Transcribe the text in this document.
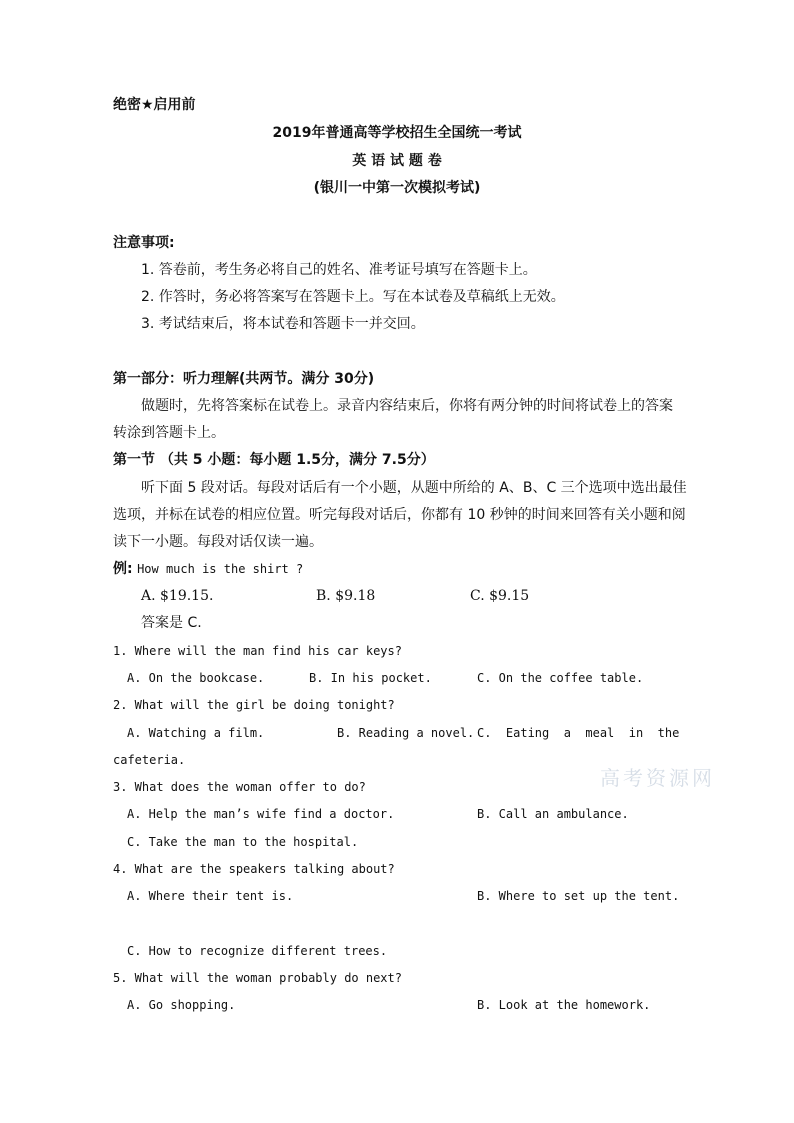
绝密★启用前
2019年普通高等学校招生全国统一考试
英 语 试 题 卷
(银川一中第一次模拟考试)
注意事项:
1. 答卷前，考生务必将自己的姓名、准考证号填写在答题卡上。
2. 作答时，务必将答案写在答题卡上。写在本试卷及草稿纸上无效。
3. 考试结束后，将本试卷和答题卡一并交回。
第一部分：听力理解(共两节。满分 30分)
做题时，先将答案标在试卷上。录音内容结束后，你将有两分钟的时间将试卷上的答案
转涂到答题卡上。
第一节 （共 5 小题：每小题 1.5分，满分 7.5分）
听下面 5 段对话。每段对话后有一个小题，从题中所给的 A、B、C 三个选项中选出最佳
选项，并标在试卷的相应位置。听完每段对话后，你都有 10 秒钟的时间来回答有关小题和阅
读下一小题。每段对话仅读一遍。
例: How much is the shirt ?
A. $19.15.	B. $9.18	C. $9.15
答案是 C.
1. Where will the man find his car keys?
A. On the bookcase.	B. In his pocket.	C. On the coffee table.
2. What will the girl be doing tonight?
A. Watching a film.	B. Reading a novel. C.  Eating  a  meal  in  the
cafeteria.
3. What does the woman offer to do?
A. Help the man’s wife find a doctor.	B. Call an ambulance.
C. Take the man to the hospital.
4. What are the speakers talking about?
A. Where their tent is.	B. Where to set up the tent.
C. How to recognize different trees.
5. What will the woman probably do next?
A. Go shopping.	B. Look at the homework.
高考资源网
